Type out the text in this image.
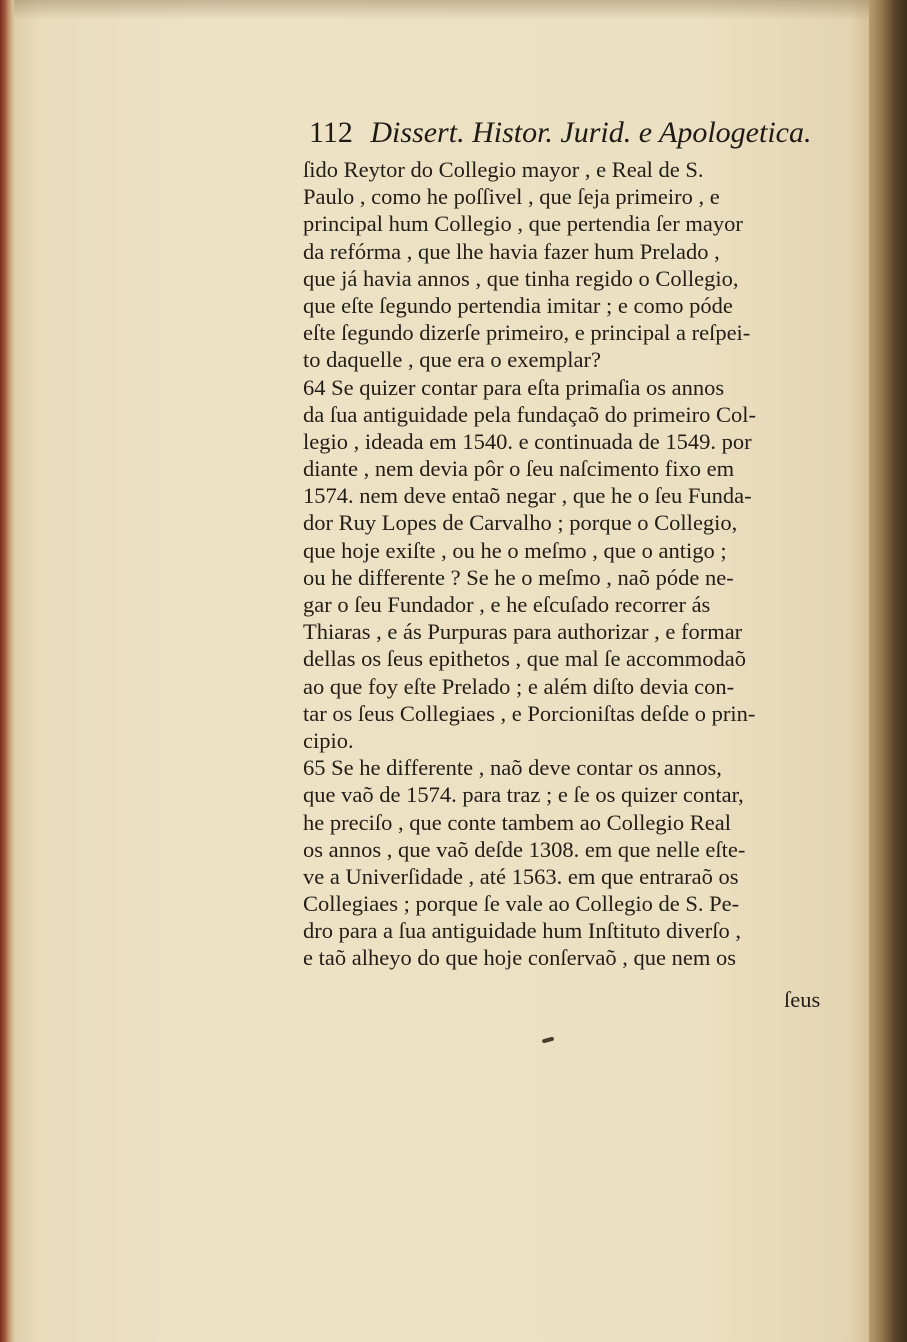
112 Dissert. Histor. Jurid. e Apologetica.
ſido Reytor do Collegio mayor , e Real de S.
Paulo , como he poſſivel , que ſeja primeiro , e
principal hum Collegio , que pertendia ſer mayor
da refórma , que lhe havia fazer hum Prelado ,
que já havia annos , que tinha regido o Collegio,
que eſte ſegundo pertendia imitar ; e como póde
eſte ſegundo dizerſe primeiro, e principal a reſpei-
to daquelle , que era o exemplar?
64 Se quizer contar para eſta primaſia os annos
da ſua antiguidade pela fundaçaõ do primeiro Col-
legio , ideada em 1540. e continuada de 1549. por
diante , nem devia pôr o ſeu naſcimento fixo em
1574. nem deve entaõ negar , que he o ſeu Funda-
dor Ruy Lopes de Carvalho ; porque o Collegio,
que hoje exiſte , ou he o meſmo , que o antigo ;
ou he differente ? Se he o meſmo , naõ póde ne-
gar o ſeu Fundador , e he eſcuſado recorrer ás
Thiaras , e ás Purpuras para authorizar , e formar
dellas os ſeus epithetos , que mal ſe accommodaõ
ao que foy eſte Prelado ; e além diſto devia con-
tar os ſeus Collegiaes , e Porcioniſtas deſde o prin-
cipio.
65 Se he differente , naõ deve contar os annos,
que vaõ de 1574. para traz ; e ſe os quizer contar,
he preciſo , que conte tambem ao Collegio Real
os annos , que vaõ deſde 1308. em que nelle eſte-
ve a Univerſidade , até 1563. em que entraraõ os
Collegiaes ; porque ſe vale ao Collegio de S. Pe-
dro para a ſua antiguidade hum Inſtituto diverſo ,
e taõ alheyo do que hoje conſervaõ , que nem os
ſeus
